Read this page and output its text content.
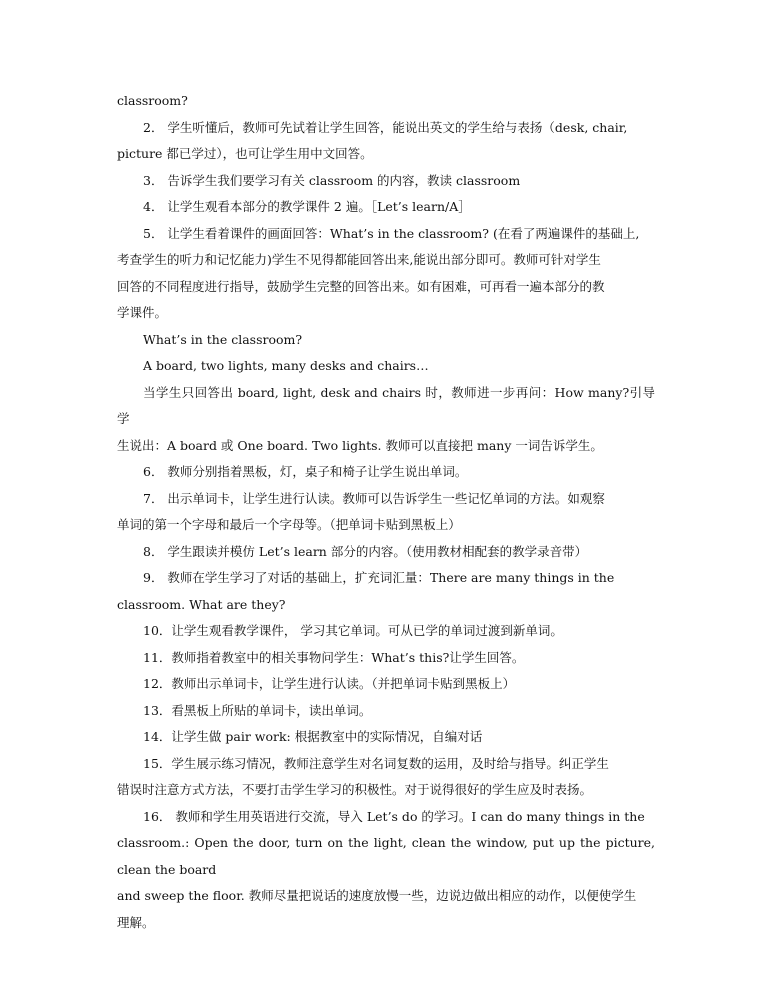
classroom?

2． 学生听懂后，教师可先试着让学生回答，能说出英文的学生给与表扬（desk, chair,

picture 都已学过），也可让学生用中文回答。

3． 告诉学生我们要学习有关 classroom 的内容，教读 classroom

4． 让学生观看本部分的教学课件 2 遍。［Let’s learn/A］

5． 让学生看着课件的画面回答：What’s in the classroom? (在看了两遍课件的基础上,

考查学生的听力和记忆能力)学生不见得都能回答出来,能说出部分即可。教师可针对学生

回答的不同程度进行指导，鼓励学生完整的回答出来。如有困难，可再看一遍本部分的教

学课件。

What’s in the classroom?

A board, two lights, many desks and chairs…

当学生只回答出 board, light, desk and chairs 时，教师进一步再问：How many?引导学

生说出：A board 或 One board. Two lights. 教师可以直接把 many 一词告诉学生。

6． 教师分别指着黑板，灯，桌子和椅子让学生说出单词。

7． 出示单词卡，让学生进行认读。教师可以告诉学生一些记忆单词的方法。如观察

单词的第一个字母和最后一个字母等。（把单词卡贴到黑板上）

8． 学生跟读并模仿 Let’s learn 部分的内容。（使用教材相配套的教学录音带）

9． 教师在学生学习了对话的基础上，扩充词汇量：There are many things in the

classroom. What are they?

10．让学生观看教学课件， 学习其它单词。可从已学的单词过渡到新单词。

11．教师指着教室中的相关事物问学生：What’s this?让学生回答。

12．教师出示单词卡，让学生进行认读。（并把单词卡贴到黑板上）

13．看黑板上所贴的单词卡，读出单词。

14．让学生做 pair work: 根据教室中的实际情况，自编对话

15．学生展示练习情况，教师注意学生对名词复数的运用，及时给与指导。纠正学生

错误时注意方式方法，不要打击学生学习的积极性。对于说得很好的学生应及时表扬。

16． 教师和学生用英语进行交流，导入 Let’s do 的学习。I can do many things in the

classroom.: Open the door, turn on the light, clean the window, put up the picture, clean the board

and sweep the floor. 教师尽量把说话的速度放慢一些，边说边做出相应的动作，以便使学生

理解。
